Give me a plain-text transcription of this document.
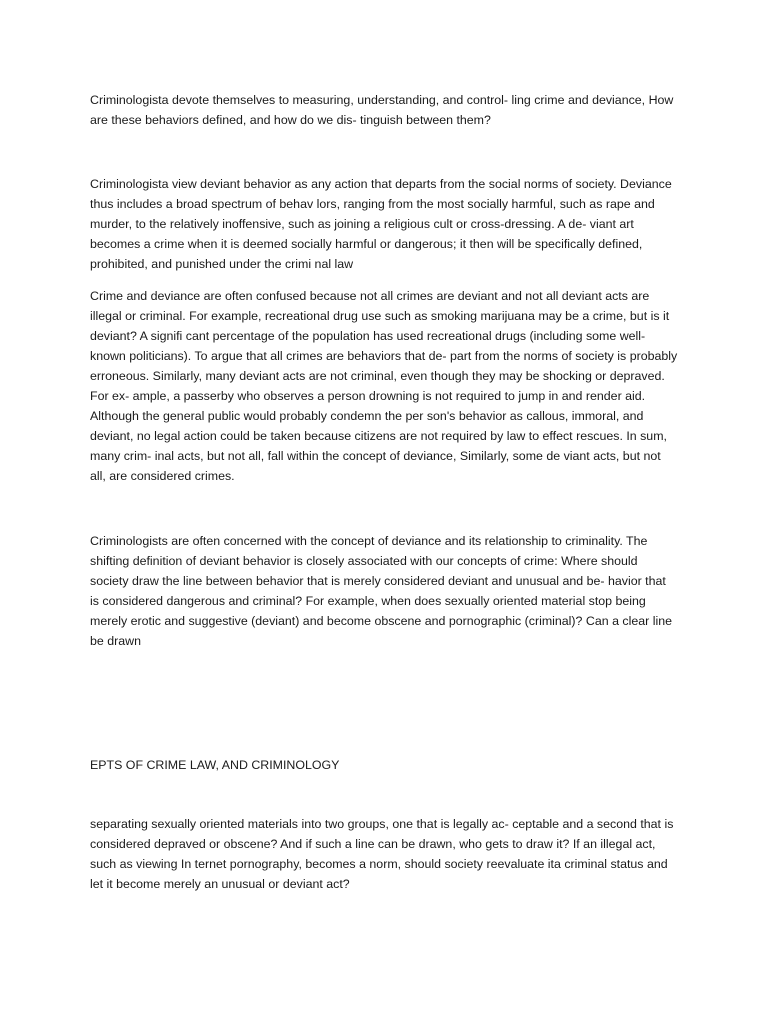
Criminologista devote themselves to measuring, understanding, and control- ling crime and deviance, How are these behaviors defined, and how do we dis- tinguish between them?

Criminologista view deviant behavior as any action that departs from the social norms of society. Deviance thus includes a broad spectrum of behav lors, ranging from the most socially harmful, such as rape and murder, to the relatively inoffensive, such as joining a religious cult or cross-dressing. A de- viant art becomes a crime when it is deemed socially harmful or dangerous; it then will be specifically defined, prohibited, and punished under the crimi nal law

Crime and deviance are often confused because not all crimes are deviant and not all deviant acts are illegal or criminal. For example, recreational drug use such as smoking marijuana may be a crime, but is it deviant? A signifi cant percentage of the population has used recreational drugs (including some well-known politicians). To argue that all crimes are behaviors that de- part from the norms of society is probably erroneous. Similarly, many deviant acts are not criminal, even though they may be shocking or depraved. For ex- ample, a passerby who observes a person drowning is not required to jump in and render aid. Although the general public would probably condemn the per son's behavior as callous, immoral, and deviant, no legal action could be taken because citizens are not required by law to effect rescues. In sum, many crim- inal acts, but not all, fall within the concept of deviance, Similarly, some de viant acts, but not all, are considered crimes.

Criminologists are often concerned with the concept of deviance and its relationship to criminality. The shifting definition of deviant behavior is closely associated with our concepts of crime: Where should society draw the line between behavior that is merely considered deviant and unusual and be- havior that is considered dangerous and criminal? For example, when does sexually oriented material stop being merely erotic and suggestive (deviant) and become obscene and pornographic (criminal)? Can a clear line be drawn

EPTS OF CRIME LAW, AND CRIMINOLOGY

separating sexually oriented materials into two groups, one that is legally ac- ceptable and a second that is considered depraved or obscene? And if such a line can be drawn, who gets to draw it? If an illegal act, such as viewing In ternet pornography, becomes a norm, should society reevaluate ita criminal status and let it become merely an unusual or deviant act?
